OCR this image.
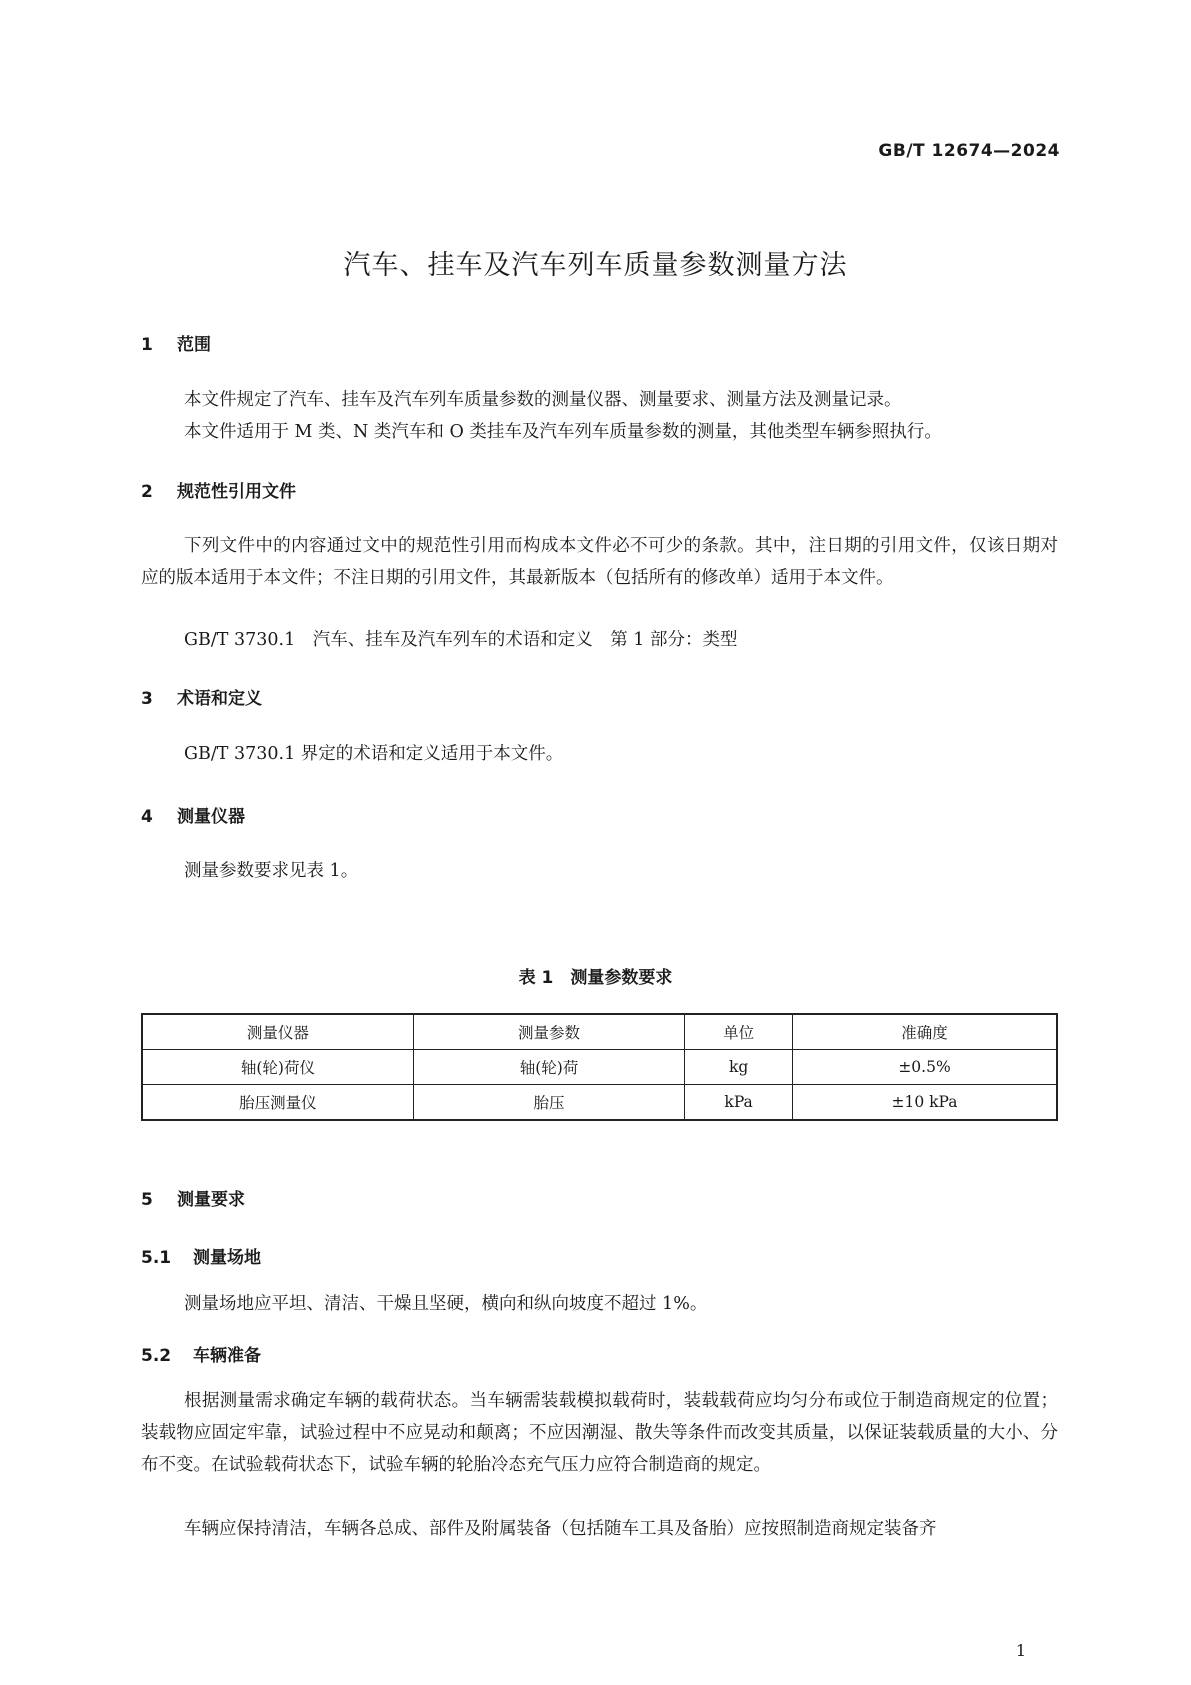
GB/T 12674—2024
汽车、挂车及汽车列车质量参数测量方法
1 范围
本文件规定了汽车、挂车及汽车列车质量参数的测量仪器、测量要求、测量方法及测量记录。
本文件适用于 M 类、N 类汽车和 O 类挂车及汽车列车质量参数的测量，其他类型车辆参照执行。
2 规范性引用文件
下列文件中的内容通过文中的规范性引用而构成本文件必不可少的条款。其中，注日期的引用文件，仅该日期对应的版本适用于本文件；不注日期的引用文件，其最新版本（包括所有的修改单）适用于本文件。
GB/T 3730.1　汽车、挂车及汽车列车的术语和定义　第 1 部分：类型
3 术语和定义
GB/T 3730.1 界定的术语和定义适用于本文件。
4 测量仪器
测量参数要求见表 1。
表 1　测量参数要求
测量仪器	测量参数	单位	准确度
轴(轮)荷仪	轴(轮)荷	kg	±0.5%
胎压测量仪	胎压	kPa	±10 kPa
5 测量要求
5.1 测量场地
测量场地应平坦、清洁、干燥且坚硬，横向和纵向坡度不超过 1%。
5.2 车辆准备
根据测量需求确定车辆的载荷状态。当车辆需装载模拟载荷时，装载载荷应均匀分布或位于制造商规定的位置；装载物应固定牢靠，试验过程中不应晃动和颠离；不应因潮湿、散失等条件而改变其质量，以保证装载质量的大小、分布不变。在试验载荷状态下，试验车辆的轮胎冷态充气压力应符合制造商的规定。
车辆应保持清洁，车辆各总成、部件及附属装备（包括随车工具及备胎）应按照制造商规定装备齐
1
